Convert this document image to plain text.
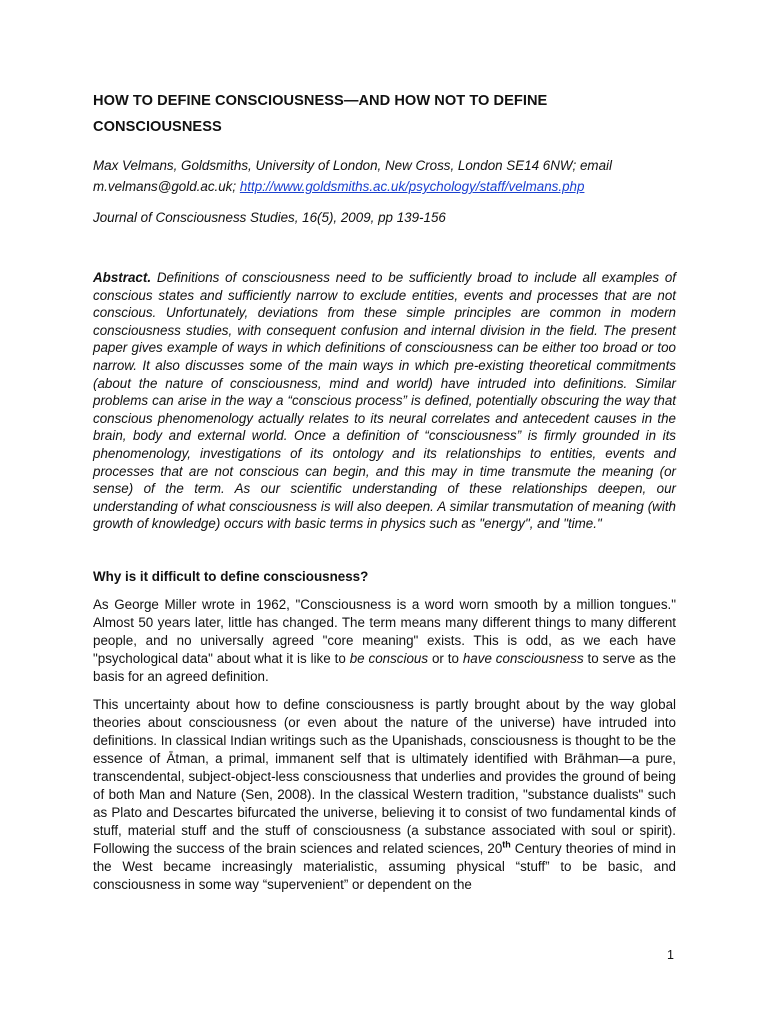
HOW TO DEFINE CONSCIOUSNESS—AND HOW NOT TO DEFINE CONSCIOUSNESS
Max Velmans, Goldsmiths, University of London, New Cross, London SE14 6NW; email m.velmans@gold.ac.uk; http://www.goldsmiths.ac.uk/psychology/staff/velmans.php
Journal of Consciousness Studies, 16(5), 2009, pp 139-156
Abstract. Definitions of consciousness need to be sufficiently broad to include all examples of conscious states and sufficiently narrow to exclude entities, events and processes that are not conscious. Unfortunately, deviations from these simple principles are common in modern consciousness studies, with consequent confusion and internal division in the field. The present paper gives example of ways in which definitions of consciousness can be either too broad or too narrow. It also discusses some of the main ways in which pre-existing theoretical commitments (about the nature of consciousness, mind and world) have intruded into definitions. Similar problems can arise in the way a “conscious process” is defined, potentially obscuring the way that conscious phenomenology actually relates to its neural correlates and antecedent causes in the brain, body and external world. Once a definition of “consciousness” is firmly grounded in its phenomenology, investigations of its ontology and its relationships to entities, events and processes that are not conscious can begin, and this may in time transmute the meaning (or sense) of the term. As our scientific understanding of these relationships deepen, our understanding of what consciousness is will also deepen. A similar transmutation of meaning (with growth of knowledge) occurs with basic terms in physics such as "energy", and "time."
Why is it difficult to define consciousness?
As George Miller wrote in 1962, "Consciousness is a word worn smooth by a million tongues." Almost 50 years later, little has changed. The term means many different things to many different people, and no universally agreed "core meaning" exists. This is odd, as we each have "psychological data" about what it is like to be conscious or to have consciousness to serve as the basis for an agreed definition.
This uncertainty about how to define consciousness is partly brought about by the way global theories about consciousness (or even about the nature of the universe) have intruded into definitions. In classical Indian writings such as the Upanishads, consciousness is thought to be the essence of Ātman, a primal, immanent self that is ultimately identified with Brāhman—a pure, transcendental, subject-object-less consciousness that underlies and provides the ground of being of both Man and Nature (Sen, 2008). In the classical Western tradition, "substance dualists" such as Plato and Descartes bifurcated the universe, believing it to consist of two fundamental kinds of stuff, material stuff and the stuff of consciousness (a substance associated with soul or spirit). Following the success of the brain sciences and related sciences, 20th Century theories of mind in the West became increasingly materialistic, assuming physical “stuff” to be basic, and consciousness in some way “supervenient” or dependent on the
1
